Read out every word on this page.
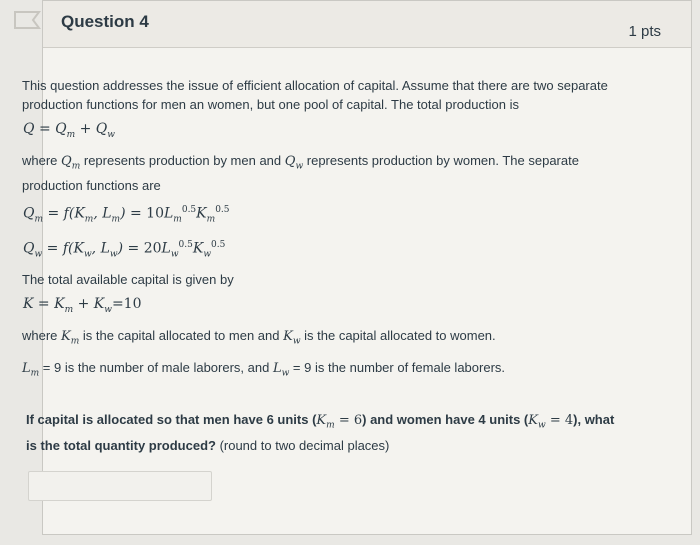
Question 4
1 pts

This question addresses the issue of efficient allocation of capital. Assume that there are two separate production functions for men an women, but one pool of capital. The total production is

$Q = Q_m + Q_w$

where $Q_m$ represents production by men and $Q_w$ represents production by women. The separate production functions are

$Q_m = f(K_m$, $L_m) = 10L_m^{0.5}K_m^{0.5}$
$Q_w = f(K_w$, $L_w) = 20L_w^{0.5}K_w^{0.5}$

The total available capital is given by

$K = K_m + K_w=10$

where $K_m$ is the capital allocated to men and $K_w$ is the capital allocated to women.

$L_m = 9$ is the number of male laborers, and $L_w = 9$ is the number of female laborers.

If capital is allocated so that men have 6 units $(K_m = 6)$ and women have 4 units $(K_w = 4)$, what is the total quantity produced? (round to two decimal places)
